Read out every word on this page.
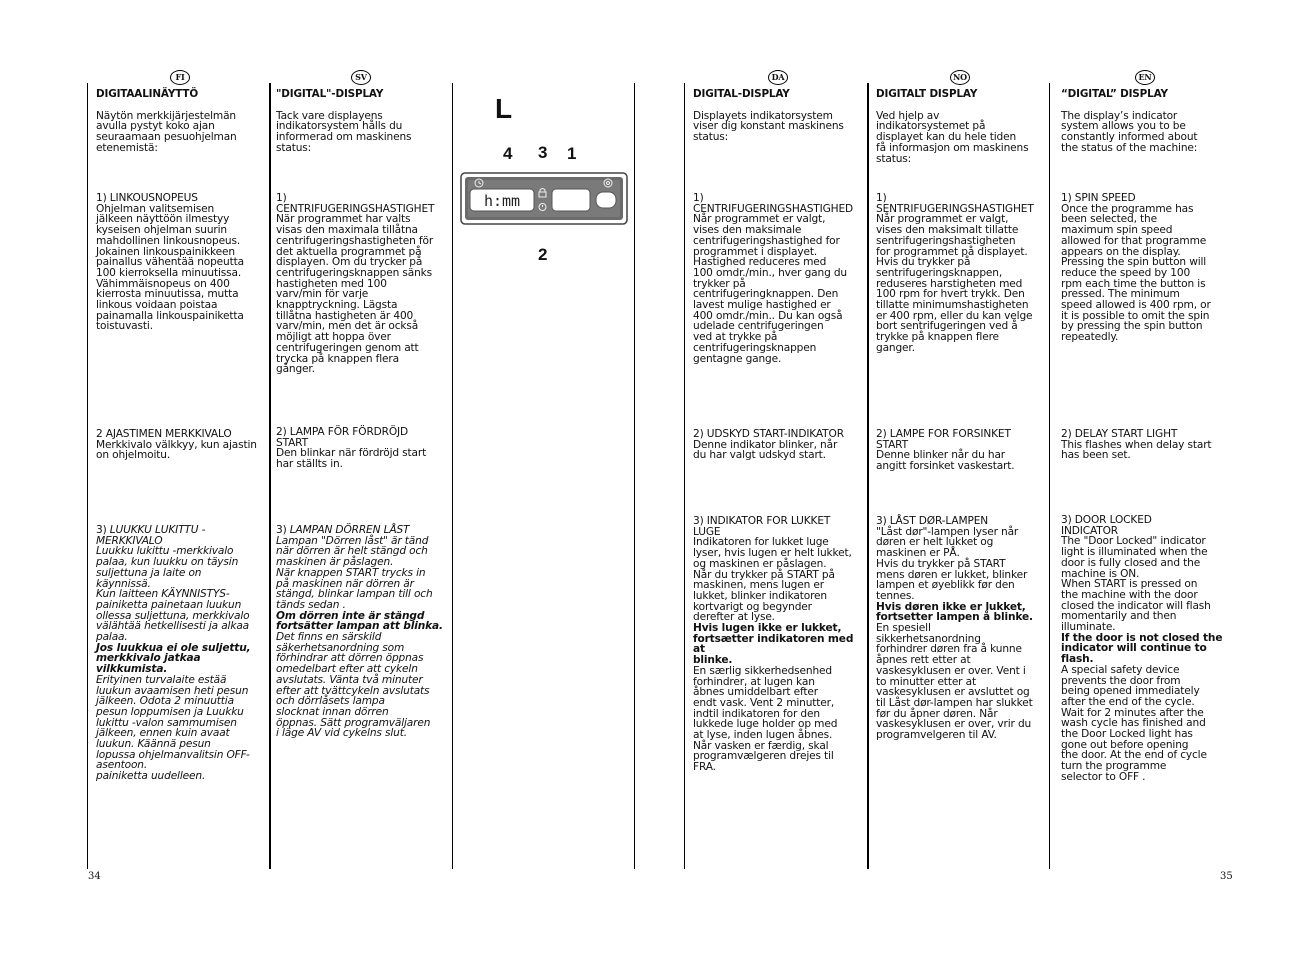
FI

DIGITAALINÄYTTÖ

Näytön merkkijärjestelmän
avulla pystyt koko ajan
seuraamaan pesuohjelman
etenemistä:

1) LINKOUSNOPEUS
Ohjelman valitsemisen
jälkeen näyttöön ilmestyy
kyseisen ohjelman suurin
mahdollinen linkousnopeus.
Jokainen linkouspainikkeen
painallus vähentää nopeutta
100 kierroksella minuutissa.
Vähimmäisnopeus on 400
kierrosta minuutissa, mutta
linkous voidaan poistaa
painamalla linkouspainiketta
toistuvasti.

2 AJASTIMEN MERKKIVALO
Merkkivalo välkkyy, kun ajastin
on ohjelmoitu.

3) LUUKKU LUKITTU -
MERKKIVALO
Luukku lukittu -merkkivalo
palaa, kun luukku on täysin
suljettuna ja laite on
käynnissä.
Kun laitteen KÄYNNISTYS-
painiketta painetaan luukun
ollessa suljettuna, merkkivalo
välähtää hetkellisesti ja alkaa
palaa.

Jos luukkua ei ole suljettu,
merkkivalo jatkaa
vilkkumista.

Erityinen turvalaite estää
luukun avaamisen heti pesun
jälkeen. Odota 2 minuuttia
pesun loppumisen ja Luukku
lukittu -valon sammumisen
jälkeen, ennen kuin avaat
luukun. Käännä pesun
lopussa ohjelmanvalitsin OFF-
asentoon.
painiketta uudelleen.

SV

"DIGITAL"-DISPLAY

Tack vare displayens
indikatorsystem hålls du
informerad om maskinens
status:

1) CENTRIFUGERINGSHASTIGHET
När programmet har valts
visas den maximala tillåtna
centrifugeringshastigheten för
det aktuella programmet på
displayen. Om du trycker på
centrifugeringsknappen sänks
hastigheten med 100
varv/min för varje
knapptryckning. Lägsta
tillåtna hastigheten är 400
varv/min, men det är också
möjligt att hoppa över
centrifugeringen genom att
trycka på knappen flera
gånger.

2) LAMPA FÖR FÖRDRÖJD
START
Den blinkar när fördröjd start
har ställts in.

3) LAMPAN DÖRREN LÅST
Lampan "Dörren låst" är tänd
när dörren är helt stängd och
maskinen är påslagen.
När knappen START trycks in
på maskinen när dörren är
stängd, blinkar lampan till och
tänds sedan .

Om dörren inte är stängd
fortsätter lampan att blinka.

Det finns en särskild
säkerhetsanordning som
förhindrar att dörren öppnas
omedelbart efter att cykeln
avslutats. Vänta två minuter
efter att tvättcykeln avslutats
och dörrlåsets lampa
slocknat innan dörren
öppnas. Sätt programväljaren
i läge AV vid cykelns slut.

L
4 3 1
2
h:mm
DA

DIGITAL-DISPLAY

Displayets indikatorsystem
viser dig konstant maskinens
status:

1) CENTRIFUGERINGSHASTIGHED
Når programmet er valgt,
vises den maksimale
centrifugeringshastighed for
programmet i displayet.
Hastighed reduceres med
100 omdr./min., hver gang du
trykker på
centrifugeringknappen. Den
lavest mulige hastighed er
400 omdr./min.. Du kan også
udelade centrifugeringen
ved at trykke på
centrifugeringsknappen
gentagne gange.

2) UDSKYD START-INDIKATOR
Denne indikator blinker, når
du har valgt udskyd start.

3) INDIKATOR FOR LUKKET
LUGE
Indikatoren for lukket luge
lyser, hvis lugen er helt lukket,
og maskinen er påslagen.
Når du trykker på START på
maskinen, mens lugen er
lukket, blinker indikatoren
kortvarigt og begynder
derefter at lyse.

Hvis lugen ikke er lukket,
fortsætter indikatoren med at
blinke.

En særlig sikkerhedsenhed
forhindrer, at lugen kan
åbnes umiddelbart efter
endt vask. Vent 2 minutter,
indtil indikatoren for den
lukkede luge holder op med
at lyse, inden lugen åbnes.
Når vasken er færdig, skal
programvælgeren drejes til
FRA.

NO

DIGITALT DISPLAY

Ved hjelp av
indikatorsystemet på
displayet kan du hele tiden
få informasjon om maskinens
status:

1) SENTRIFUGERINGSHASTIGHET
Når programmet er valgt,
vises den maksimalt tillatte
sentrifugeringshastigheten
for programmet på displayet.
Hvis du trykker på
sentrifugeringsknappen,
reduseres harstigheten med
100 rpm for hvert trykk. Den
tillatte minimumshastigheten
er 400 rpm, eller du kan velge
bort sentrifugeringen ved å
trykke på knappen flere
ganger.

2) LAMPE FOR FORSINKET START
Denne blinker når du har
angitt forsinket vaskestart.

3) LÅST DØR-LAMPEN
"Låst dør"-lampen lyser når
døren er helt lukket og
maskinen er PÅ.
Hvis du trykker på START
mens døren er lukket, blinker
lampen et øyeblikk før den
tennes.

Hvis døren ikke er lukket,
fortsetter lampen å blinke.

En spesiell
sikkerhetsanordning
forhindrer døren fra å kunne
åpnes rett etter at
vaskesyklusen er over. Vent i
to minutter etter at
vaskesyklusen er avsluttet og
til Låst dør-lampen har slukket
før du åpner døren. Når
vaskesyklusen er over, vrir du
programvelgeren til AV.

EN

“DIGITAL” DISPLAY

The display’s indicator
system allows you to be
constantly informed about
the status of the machine:

1) SPIN SPEED
Once the programme has
been selected, the
maximum spin speed
allowed for that programme
appears on the display.
Pressing the spin button will
reduce the speed by 100
rpm each time the button is
pressed. The minimum
speed allowed is 400 rpm, or
it is possible to omit the spin
by pressing the spin button
repeatedly.

2) DELAY START LIGHT
This flashes when delay start
has been set.

3) DOOR LOCKED
INDICATOR
The "Door Locked" indicator
light is illuminated when the
door is fully closed and the
machine is ON.
When START is pressed on
the machine with the door
closed the indicator will flash
momentarily and then
illuminate.

If the door is not closed the
indicator will continue to
flash.

A special safety device
prevents the door from
being opened immediately
after the end of the cycle.
Wait for 2 minutes after the
wash cycle has finished and
the Door Locked light has
gone out before opening
the door. At the end of cycle
turn the programme
selector to OFF .

34	35
